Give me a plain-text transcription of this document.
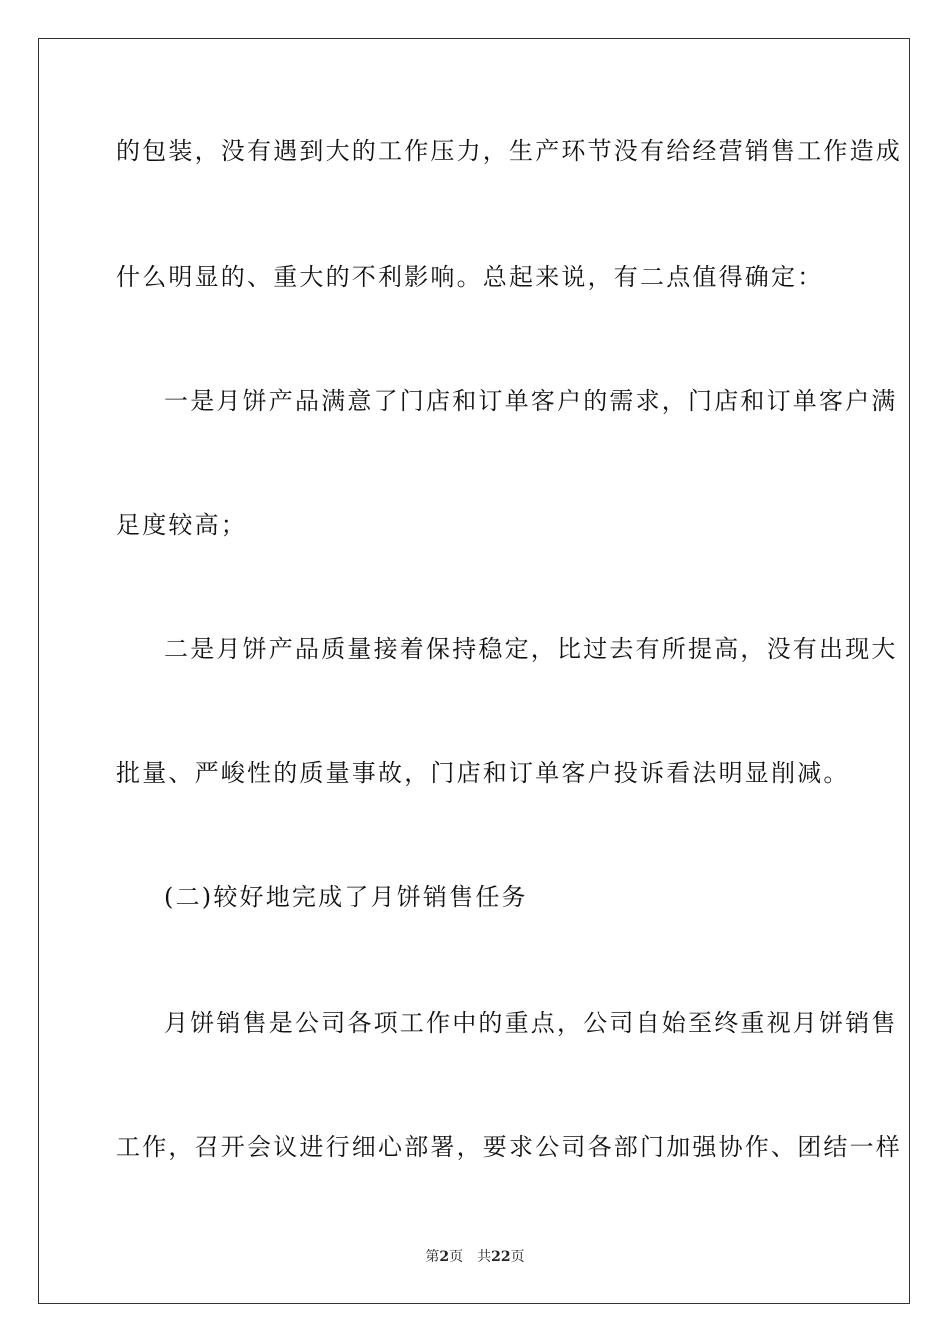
的包装，没有遇到大的工作压力，生产环节没有给经营销售工作造成
什么明显的、重大的不利影响。总起来说，有二点值得确定：
一是月饼产品满意了门店和订单客户的需求，门店和订单客户满
足度较高；
二是月饼产品质量接着保持稳定，比过去有所提高，没有出现大
批量、严峻性的质量事故，门店和订单客户投诉看法明显削减。
(二)较好地完成了月饼销售任务
月饼销售是公司各项工作中的重点，公司自始至终重视月饼销售
工作，召开会议进行细心部署，要求公司各部门加强协作、团结一样
第2页 共22页
